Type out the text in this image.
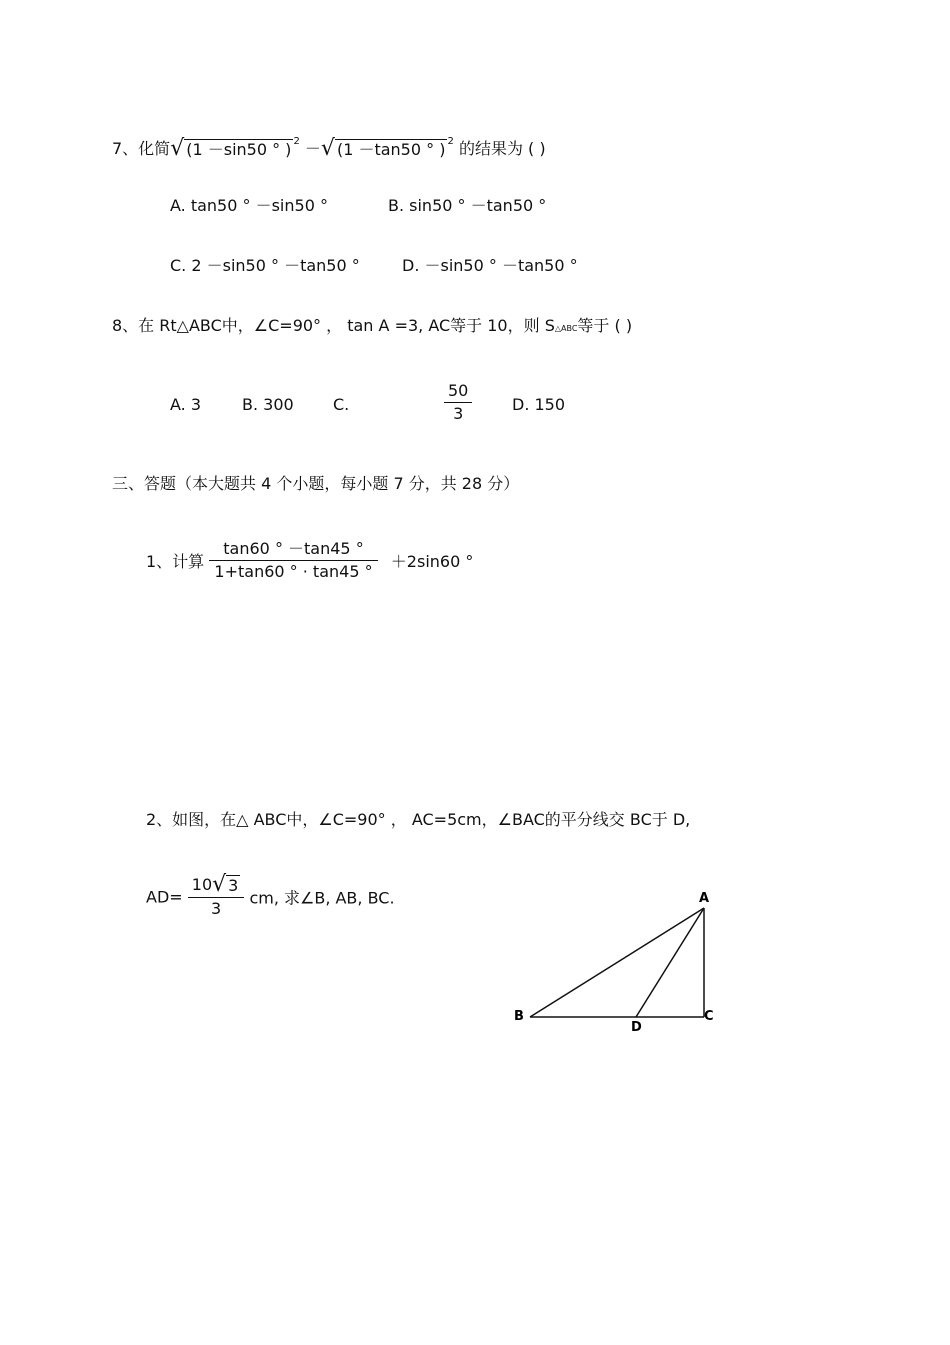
7、化简√ (1 －sin50 ° ) $^2$ －√ (1 －tan50 ° ) $^2$ 的结果为 ( )
A. tan50 ° －sin50 °	B. sin50 ° －tan50 °
C. 2 －sin50 ° －tan50 °	D. －sin50 ° －tan50 °
8、在 Rt△ABC中，∠C=90° ， tan A =3, AC等于 10，则 S△ABC等于 ( )
A. 3	B. 300 C.	$\frac{50}{3} D$. 150
三、答题（本大题共 4 个小题，每小题 7 分，共 28 分）
1、计算 $\frac{\tan 60 ^\circ -\tan 45 ^\circ}{1+\tan 60 ^\circ \cdot \tan 45 ^\circ} +2\sin 60$ °
2、如图，在△ ABC中，∠C=90° ， AC=5cm，∠BAC的平分线交 BC于 D,
$AD= \frac{10√ 3}{3}$ cm, 求∠B, AB, BC.	A
B	C
D
